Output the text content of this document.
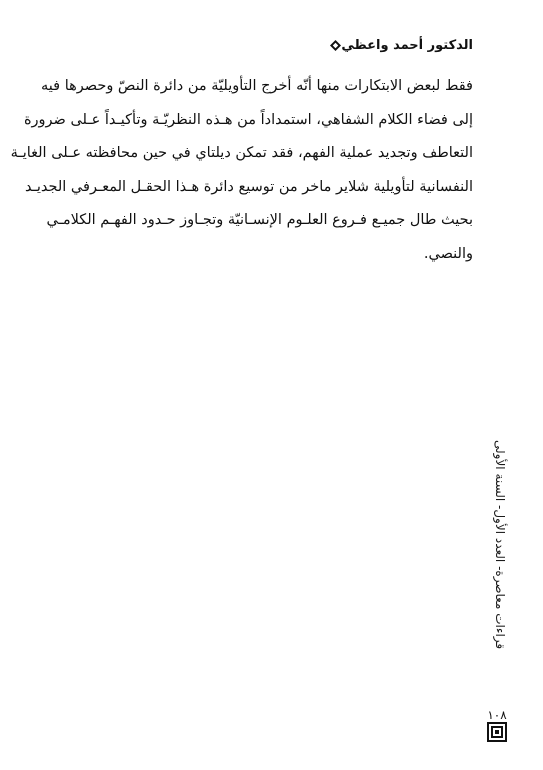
الدكتور أحمد واعظي
فقط لبعض الابتكارات منها أنّه أخرج التأويليّة من دائرة النصّ وحصرها فيه
إلى فضاء الكلام الشفاهي، استمداداً من هـذه النظريّـة وتأكيـداً عـلى ضرورة
التعاطف وتجديد عملية الفهم، فقد تمكن ديلتاي في حين محافظته عـلى الغايـة
النفسانية لتأويلية شلاير ماخر من توسيع دائرة هـذا الحقـل المعـرفي الجديـد
بحيث طال جميـع فـروع العلـوم الإنسـانيّة وتجـاوز حـدود الفهـم الكلامـي
والنصي.
قراءات معاصرة- العدد الأول- السنة الأولى
١٠٨
